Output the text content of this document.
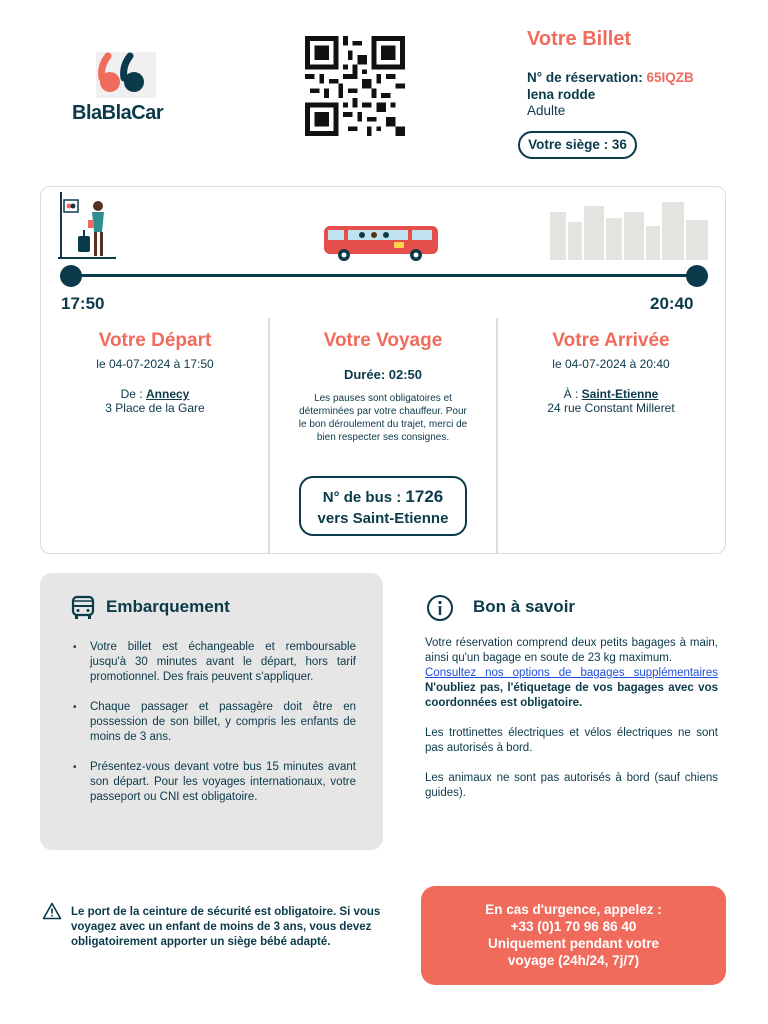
BlaBlaCar
Votre Billet
N° de réservation: 65IQZB
lena rodde
Adulte
Votre siège : 36
17:50	20:40
Votre Départ
le 04-07-2024 à 17:50
De : Annecy
3 Place de la Gare
Votre Voyage
Durée: 02:50
Les pauses sont obligatoires et déterminées par votre chauffeur. Pour le bon déroulement du trajet, merci de bien respecter ses consignes.
N° de bus : 1726
vers Saint-Etienne
Votre Arrivée
le 04-07-2024 à 20:40
À : Saint-Etienne
24 rue Constant Milleret
Embarquement
• Votre billet est échangeable et remboursable jusqu'à 30 minutes avant le départ, hors tarif promotionnel. Des frais peuvent s'appliquer.
• Chaque passager et passagère doit être en possession de son billet, y compris les enfants de moins de 3 ans.
• Présentez-vous devant votre bus 15 minutes avant son départ. Pour les voyages internationaux, votre passeport ou CNI est obligatoire.
Bon à savoir

Votre réservation comprend deux petits bagages à main, ainsi qu'un bagage en soute de 23 kg maximum.

Consultez nos options de bagages supplémentaires

N'oubliez pas, l'étiquetage de vos bagages avec vos coordonnées est obligatoire.

Les trottinettes électriques et vélos électriques ne sont pas autorisés à bord.

Les animaux ne sont pas autorisés à bord (sauf chiens guides).

Le port de la ceinture de sécurité est obligatoire. Si vous voyagez avec un enfant de moins de 3 ans, vous devez obligatoirement apporter un siège bébé adapté.
En cas d'urgence, appelez :
+33 (0)1 70 96 86 40
Uniquement pendant votre
voyage (24h/24, 7j/7)
